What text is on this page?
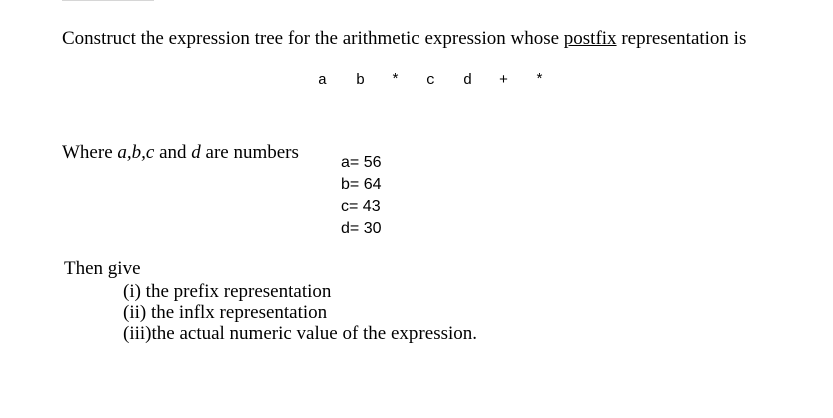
Construct the expression tree for the arithmetic expression whose postfix representation is
a b * c d + *
Where a,b,c and d are numbers	a= 56
b= 64
c= 43
d= 30
Then give
(i) the prefix representation
(ii) the inflx representation
(iii)the actual numeric value of the expression.
